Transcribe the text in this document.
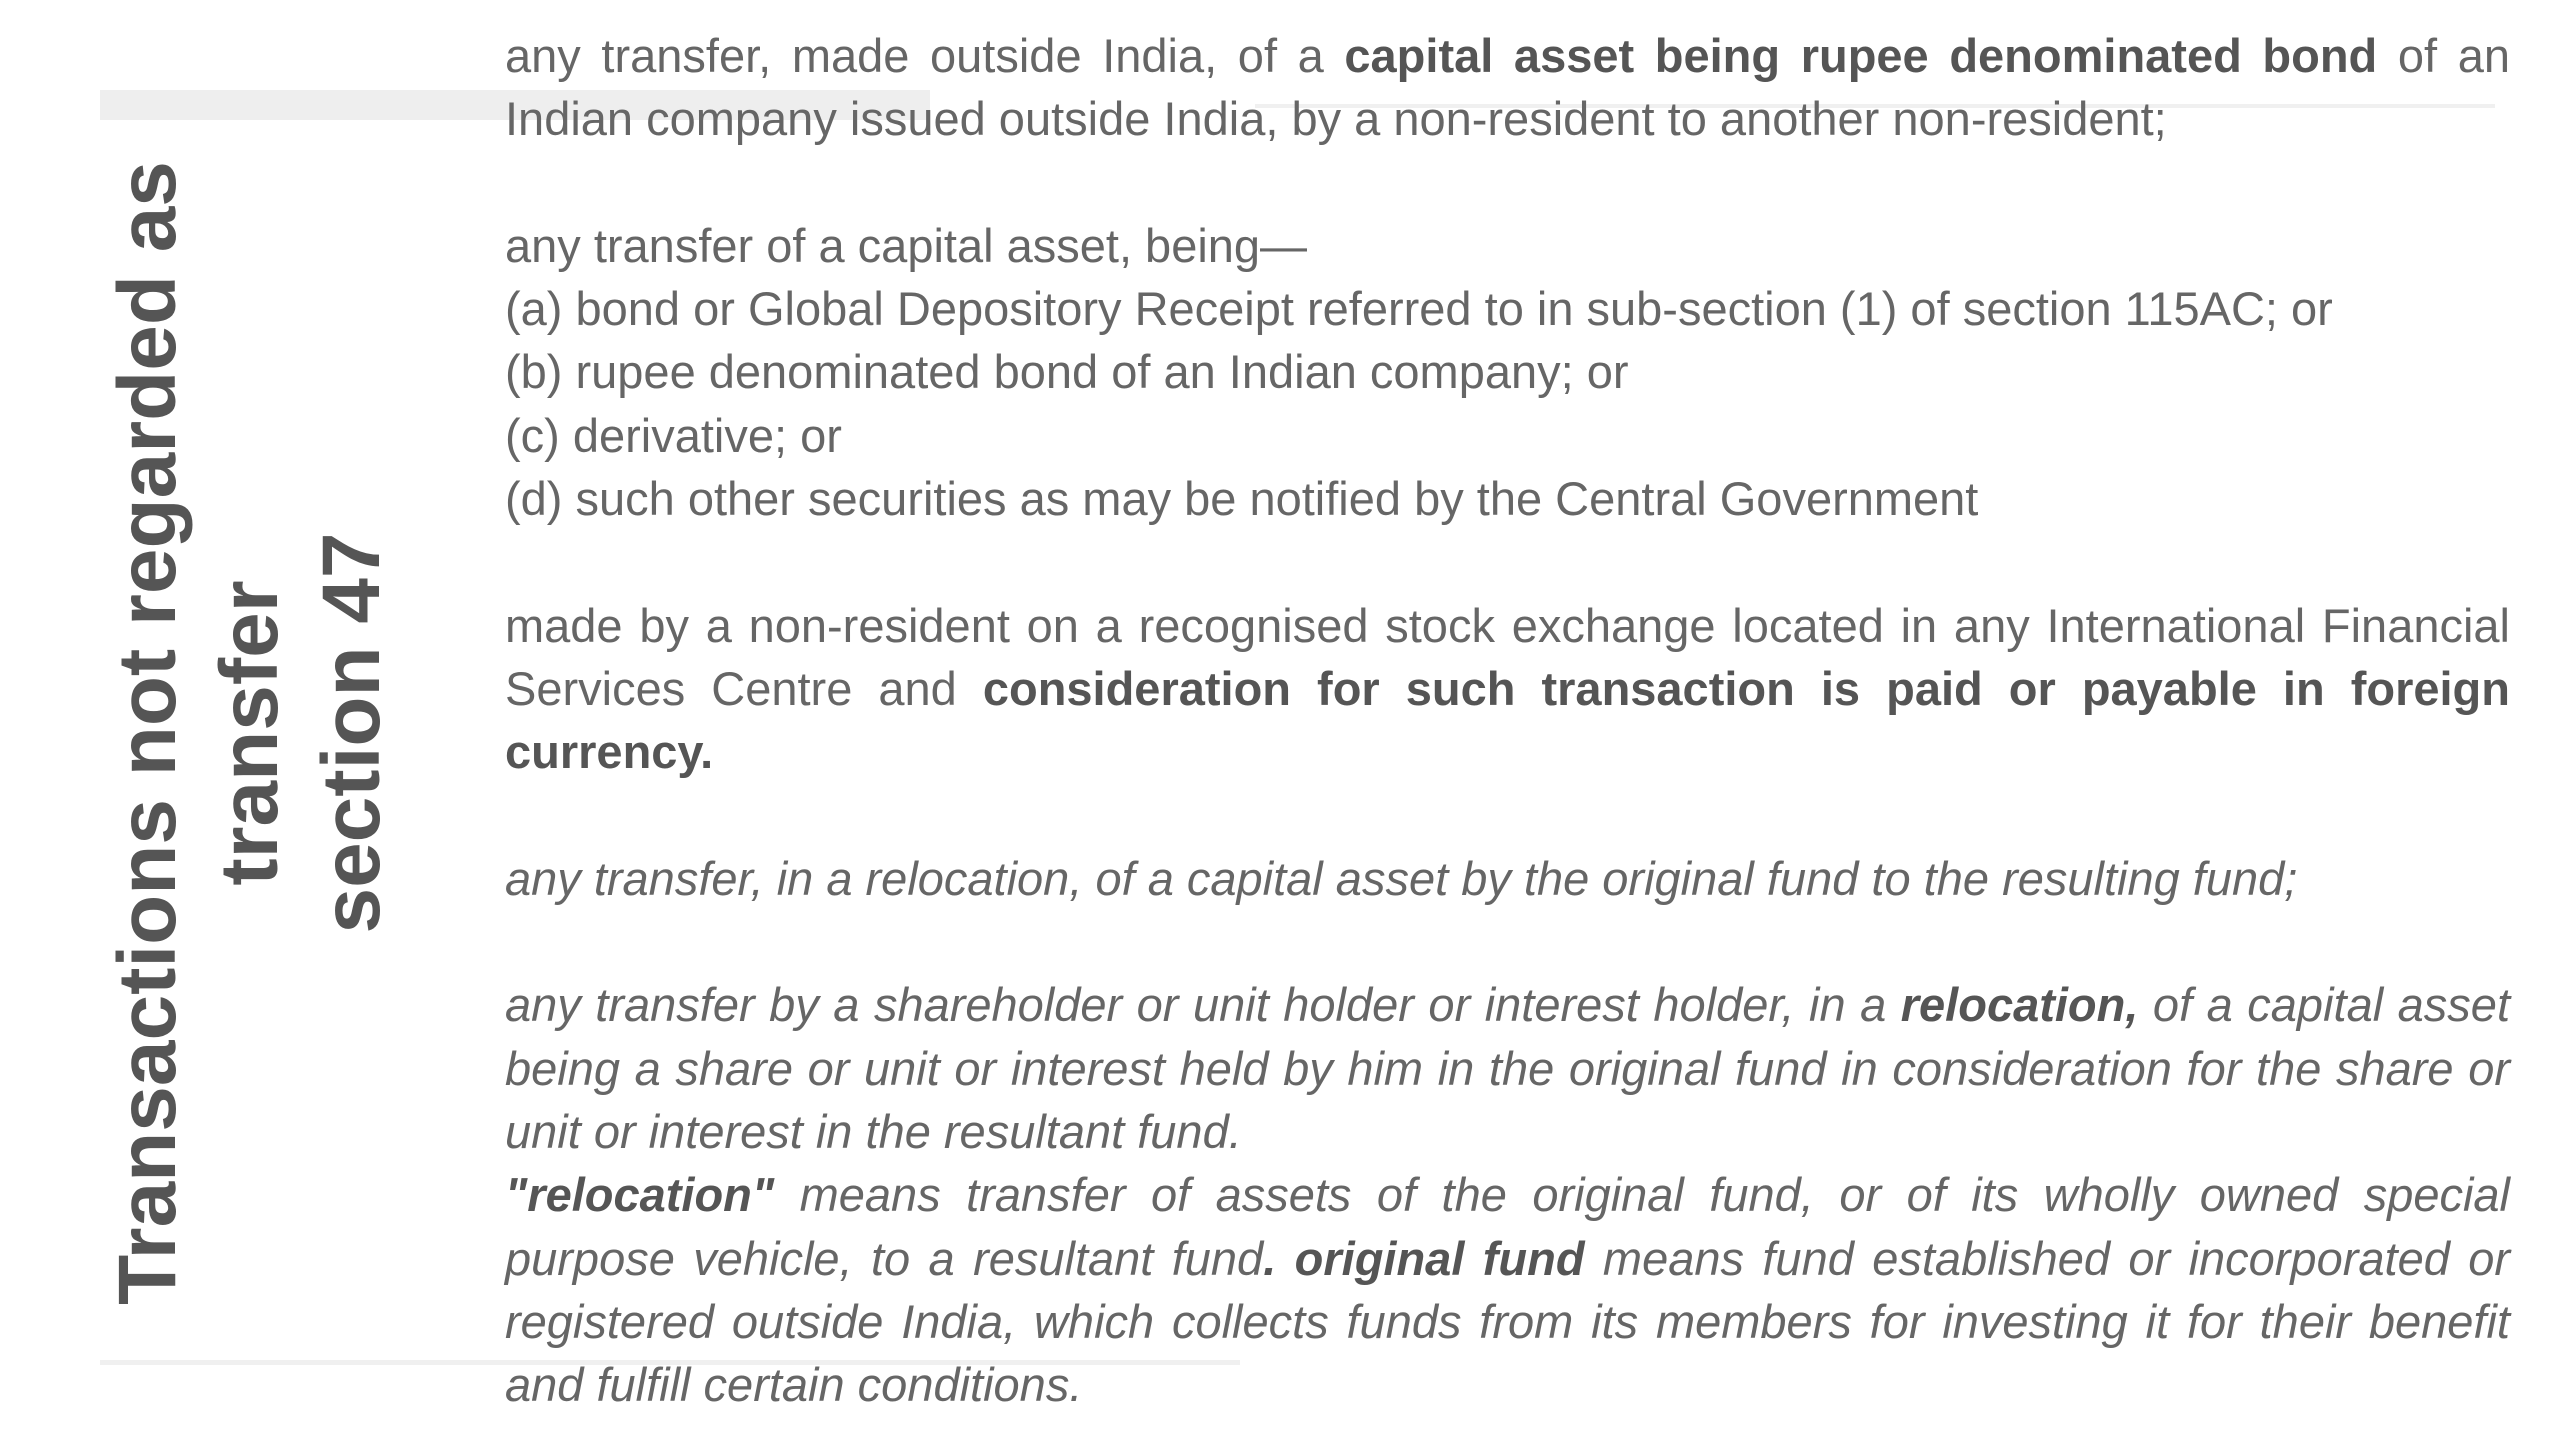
Transactions not regarded as transfer section 47

any transfer, made outside India, of a capital asset being rupee denominated bond of an Indian company issued outside India, by a non-resident to another non-resident;

any transfer of a capital asset, being—
(a) bond or Global Depository Receipt referred to in sub-section (1) of section 115AC; or
(b) rupee denominated bond of an Indian company; or
(c) derivative; or
(d) such other securities as may be notified by the Central Government

made by a non-resident on a recognised stock exchange located in any International Financial Services Centre and consideration for such transaction is paid or payable in foreign currency.

any transfer, in a relocation, of a capital asset by the original fund to the resulting fund;

any transfer by a shareholder or unit holder or interest holder, in a relocation, of a capital asset being a share or unit or interest held by him in the original fund in consideration for the share or unit or interest in the resultant fund.

"relocation" means transfer of assets of the original fund, or of its wholly owned special purpose vehicle, to a resultant fund. original fund means fund established or incorporated or registered outside India, which collects funds from its members for investing it for their benefit and fulfill certain conditions.
